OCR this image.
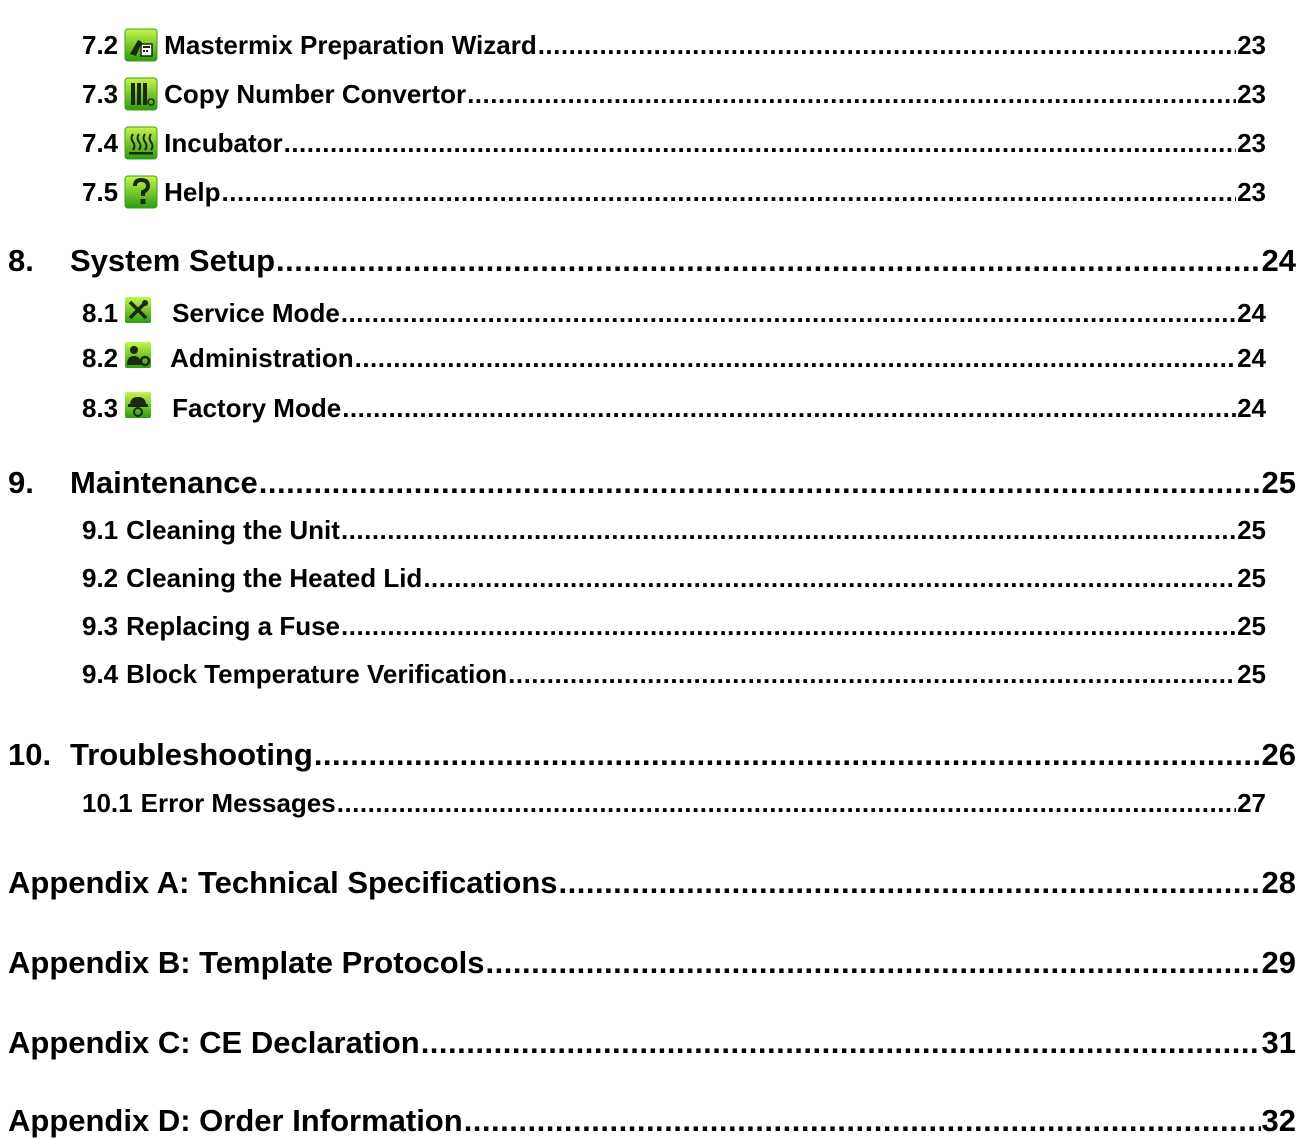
7.2 Mastermix Preparation Wizard .....	23
7.3 Copy Number Convertor .....	23
7.4 Incubator .....	23
7.5 Help .....	23
8.	System Setup .....	24
8.1 Service Mode .....	24
8.2 Administration .....	24
8.3 Factory Mode .....	24
9.	Maintenance .....	25
9.1 Cleaning the Unit .....	25
9.2 Cleaning the Heated Lid .....	25
9.3 Replacing a Fuse .....	25
9.4 Block Temperature Verification .....	25
10. Troubleshooting .....	26
10.1 Error Messages .....	27
Appendix A: Technical Specifications .....	28
Appendix B: Template Protocols .....	29
Appendix C: CE Declaration .....	31
Appendix D: Order Information .....	32
